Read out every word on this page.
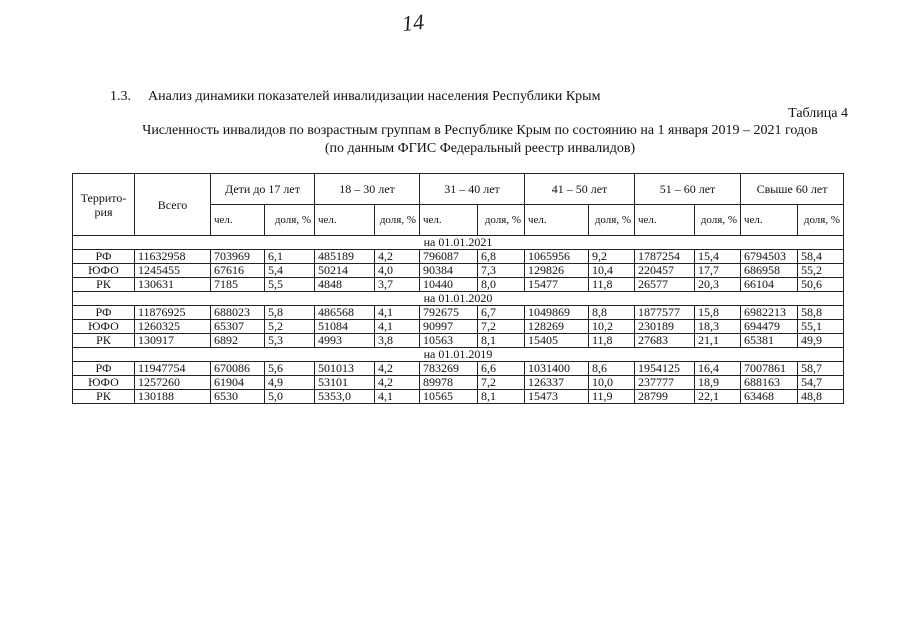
14
1.3. Анализ динамики показателей инвалидизации населения Республики Крым
Таблица 4
Численность инвалидов по возрастным группам в Республике Крым по состоянию на 1 января 2019 – 2021 годов
(по данным ФГИС Федеральный реестр инвалидов)
Террито-рия	Всего	Дети до 17 лет		18 – 30 лет		31 – 40 лет		41 – 50 лет		51 – 60 лет		Свыше 60 лет	
		чел.	доля, %	чел.	доля, %	чел.	доля, %	чел.	доля, %	чел.	доля, %	чел.	доля, %
на 01.01.2021													
РФ	11632958	703969	6,1	485189	4,2	796087	6,8	1065956	9,2	1787254	15,4	6794503	58,4
ЮФО	1245455	67616	5,4	50214	4,0	90384	7,3	129826	10,4	220457	17,7	686958	55,2
РК	130631	7185	5,5	4848	3,7	10440	8,0	15477	11,8	26577	20,3	66104	50,6
на 01.01.2020													
РФ	11876925	688023	5,8	486568	4,1	792675	6,7	1049869	8,8	1877577	15,8	6982213	58,8
ЮФО	1260325	65307	5,2	51084	4,1	90997	7,2	128269	10,2	230189	18,3	694479	55,1
РК	130917	6892	5,3	4993	3,8	10563	8,1	15405	11,8	27683	21,1	65381	49,9
на 01.01.2019													
РФ	11947754	670086	5,6	501013	4,2	783269	6,6	1031400	8,6	1954125	16,4	7007861	58,7
ЮФО	1257260	61904	4,9	53101	4,2	89978	7,2	126337	10,0	237777	18,9	688163	54,7
РК	130188	6530	5,0	5353,0	4,1	10565	8,1	15473	11,9	28799	22,1	63468	48,8
